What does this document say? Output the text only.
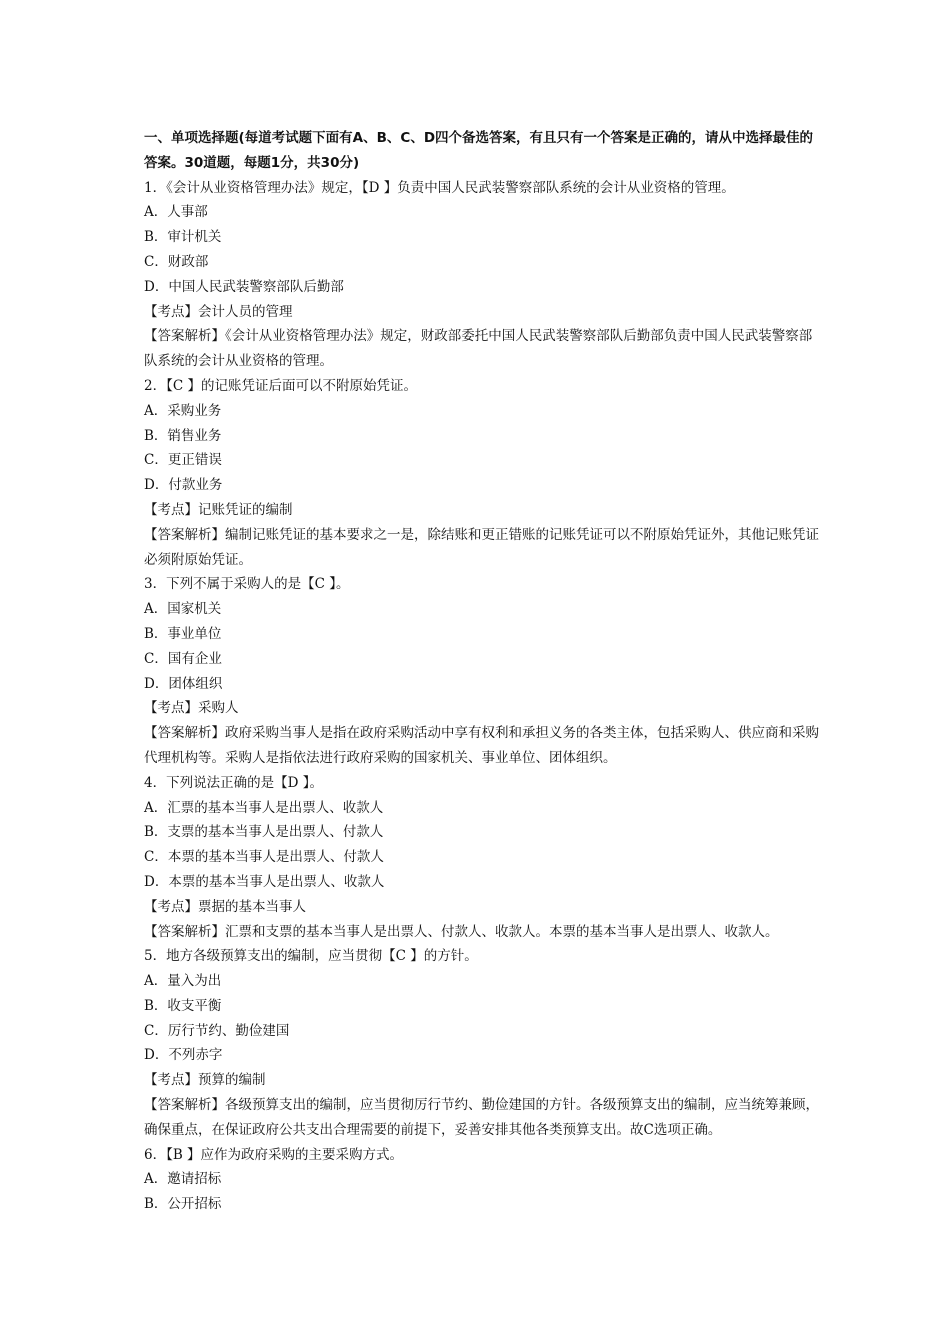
一、单项选择题(每道考试题下面有A、B、C、D四个备选答案，有且只有一个答案是正确的，请从中选择最佳的答案。30道题，每题1分，共30分)
1．《会计从业资格管理办法》规定，【D 】负责中国人民武装警察部队系统的会计从业资格的管理。
A．人事部
B．审计机关
C．财政部
D．中国人民武装警察部队后勤部
【考点】会计人员的管理
【答案解析】《会计从业资格管理办法》规定，财政部委托中国人民武装警察部队后勤部负责中国人民武装警察部队系统的会计从业资格的管理。
2．【C 】的记账凭证后面可以不附原始凭证。
A．采购业务
B．销售业务
C．更正错误
D．付款业务
【考点】记账凭证的编制
【答案解析】编制记账凭证的基本要求之一是，除结账和更正错账的记账凭证可以不附原始凭证外，其他记账凭证必须附原始凭证。
3．下列不属于采购人的是【C 】。
A．国家机关
B．事业单位
C．国有企业
D．团体组织
【考点】采购人
【答案解析】政府采购当事人是指在政府采购活动中享有权利和承担义务的各类主体，包括采购人、供应商和采购代理机构等。采购人是指依法进行政府采购的国家机关、事业单位、团体组织。
4．下列说法正确的是【D 】。
A．汇票的基本当事人是出票人、收款人
B．支票的基本当事人是出票人、付款人
C．本票的基本当事人是出票人、付款人
D．本票的基本当事人是出票人、收款人
【考点】票据的基本当事人
【答案解析】汇票和支票的基本当事人是出票人、付款人、收款人。本票的基本当事人是出票人、收款人。
5．地方各级预算支出的编制，应当贯彻【C 】的方针。
A．量入为出
B．收支平衡
C．厉行节约、勤俭建国
D．不列赤字
【考点】预算的编制
【答案解析】各级预算支出的编制，应当贯彻厉行节约、勤俭建国的方针。各级预算支出的编制，应当统筹兼顾，确保重点，在保证政府公共支出合理需要的前提下，妥善安排其他各类预算支出。故C选项正确。
6．【B 】应作为政府采购的主要采购方式。
A．邀请招标
B．公开招标
